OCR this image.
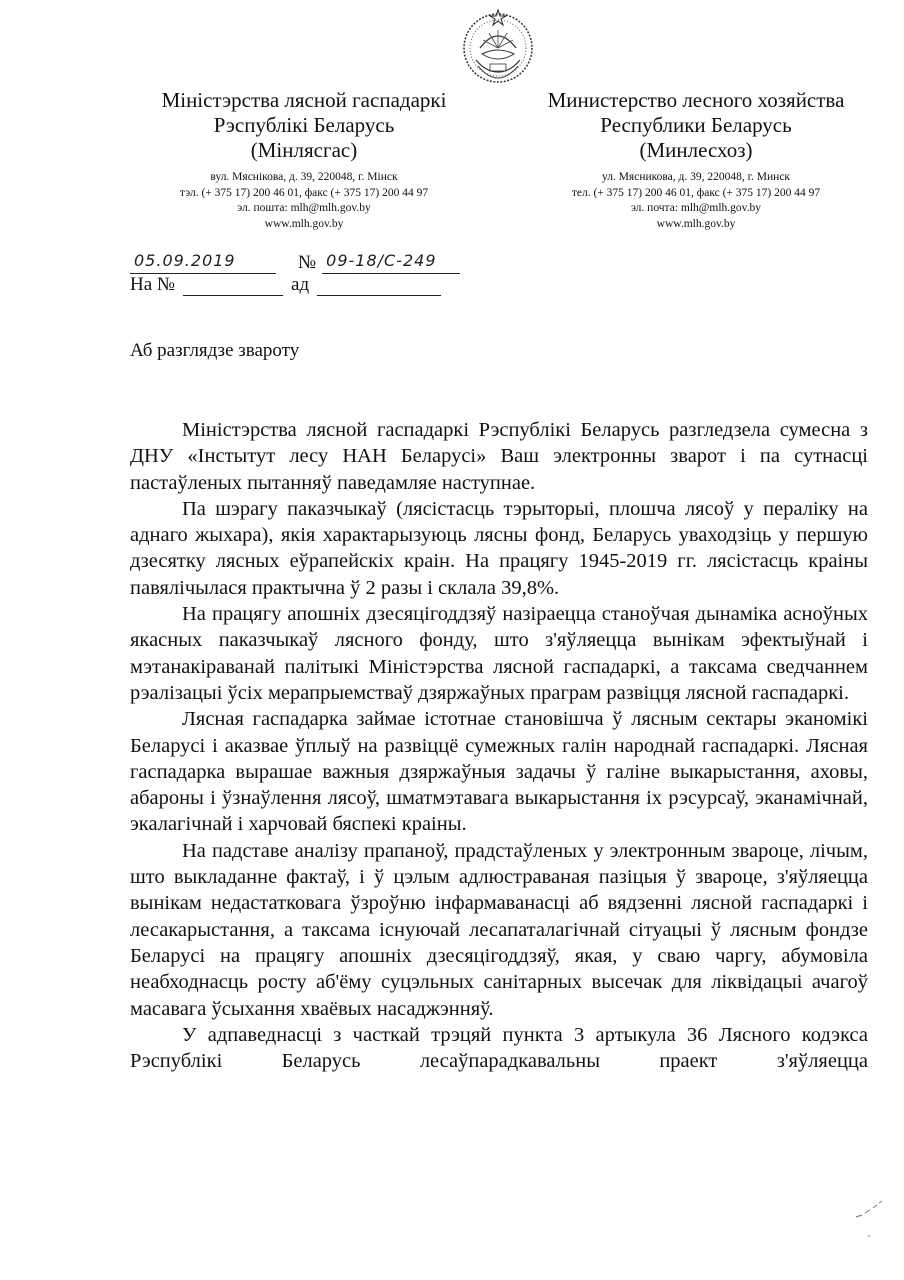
Міністэрства лясной гаспадаркі
Рэспублікі Беларусь
(Мінлясгас)
вул. Мяснікова, д. 39, 220048, г. Мінск
тэл. (+ 375 17) 200 46 01, факс (+ 375 17) 200 44 97
эл. пошта: mlh@mlh.gov.by
www.mlh.gov.by
Министерство лесного хозяйства
Республики Беларусь
(Минлесхоз)
ул. Мясникова, д. 39, 220048, г. Минск
тел. (+ 375 17) 200 46 01, факс (+ 375 17) 200 44 97
эл. почта: mlh@mlh.gov.by
www.mlh.gov.by
05.09.2019	№ 09-18/С-249
На №	ад
Аб разглядзе звароту

Міністэрства лясной гаспадаркі Рэспублікі Беларусь разгледзела сумесна з ДНУ «Інстытут лесу НАН Беларусі» Ваш электронны зварот і па сутнасці пастаўленых пытанняў паведамляе наступнае.

Па шэрагу паказчыкаў (лясістасць тэрыторыі, плошча лясоў у пераліку на аднаго жыхара), якія характарызуюць лясны фонд, Беларусь уваходзіць у першую дзесятку лясных еўрапейскіх краін. На працягу 1945-2019 гг. лясістасць краіны павялічылася практычна ў 2 разы і склала 39,8%.

На працягу апошніх дзесяцігоддзяў назіраецца станоўчая дынаміка асноўных якасных паказчыкаў лясного фонду, што з'яўляецца вынікам эфектыўнай і мэтанакіраванай палітыкі Міністэрства лясной гаспадаркі, а таксама сведчаннем рэалізацыі ўсіх мерапрыемстваў дзяржаўных праграм развіцця лясной гаспадаркі.

Лясная гаспадарка займае істотнае становішча ў лясным сектары эканомікі Беларусі і аказвае ўплыў на развіццё сумежных галін народнай гаспадаркі. Лясная гаспадарка вырашае важныя дзяржаўныя задачы ў галіне выкарыстання, аховы, абароны і ўзнаўлення лясоў, шматмэтавага выкарыстання іх рэсурсаў, эканамічнай, экалагічнай і харчовай бяспекі краіны.

На падставе аналізу прапаноў, прадстаўленых у электронным звароце, лічым, што выкладанне фактаў, і ў цэлым адлюстраваная пазіцыя ў звароце, з'яўляецца вынікам недастатковага ўзроўню інфармаванасці аб вядзенні лясной гаспадаркі і лесакарыстання, а таксама існуючай лесапаталагічнай сітуацыі ў лясным фондзе Беларусі на працягу апошніх дзесяцігоддзяў, якая, у сваю чаргу, абумовіла неабходнасць росту аб'ёму суцэльных санітарных высечак для ліквідацыі ачагоў масавага ўсыхання хваёвых насаджэнняў.

У адпаведнасці з часткай трэцяй пункта 3 артыкула 36 Лясного кодэкса Рэспублікі Беларусь лесаўпарадкавальны праект з'яўляецца
